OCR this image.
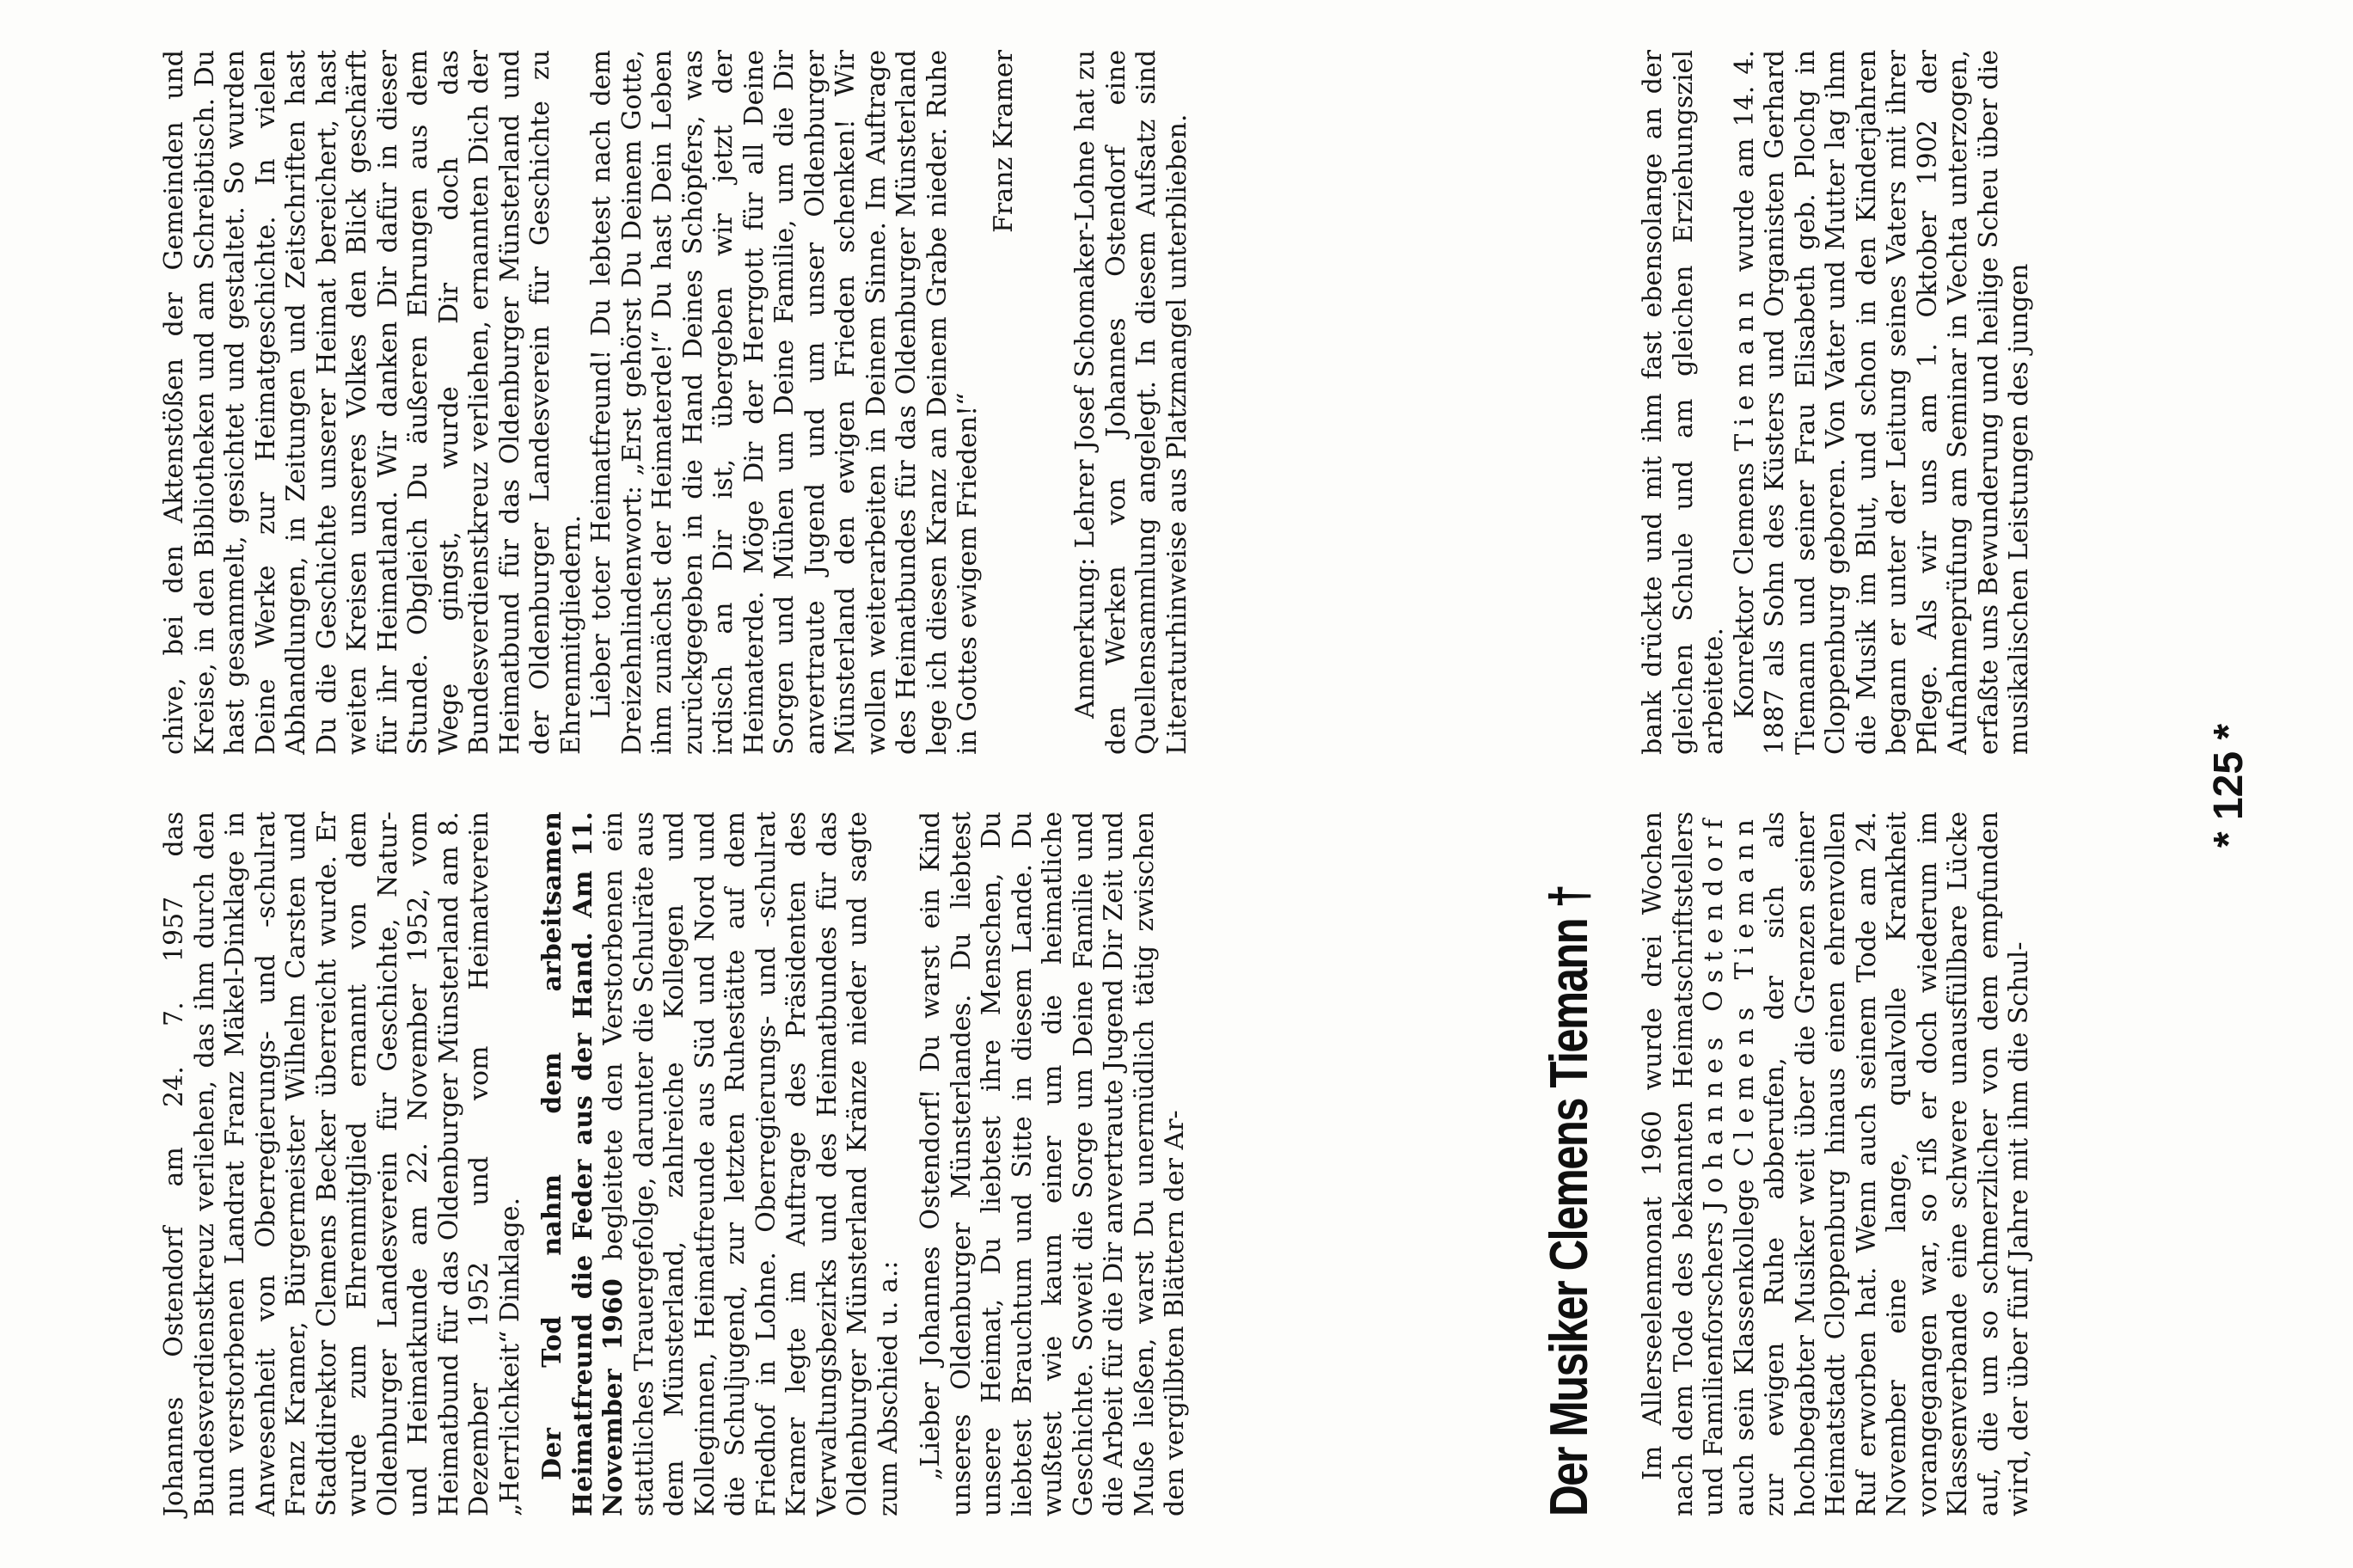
Johannes Ostendorf am 24. 7. 1957 das Bundesverdienstkreuz verliehen, das ihm durch den nun verstorbenen Landrat Franz Mäkel-Dinklage in Anwesenheit von Oberregierungs- und -schulrat Franz Kramer, Bürgermeister Wilhelm Carsten und Stadtdirektor Clemens Becker überreicht wurde. Er wurde zum Ehrenmitglied ernannt von dem Oldenburger Landesverein für Geschichte, Natur- und Heimatkunde am 22. November 1952, vom Heimatbund für das Oldenburger Münsterland am 8. Dezember 1952 und vom Heimatverein „Herrlichkeit“ Dinklage. Der Tod nahm dem arbeitsamen Heimatfreund die Feder aus der Hand. Am 11. November 1960 begleitete den Verstorbenen ein stattliches Trauergefolge, darunter die Schulräte aus dem Münsterland, zahlreiche Kollegen und Kolleginnen, Heimatfreunde aus Süd und Nord und die Schuljugend, zur letzten Ruhestätte auf dem Friedhof in Lohne. Oberregierungs- und -schulrat Kramer legte im Auftrage des Präsidenten des Verwaltungsbezirks und des Heimatbundes für das Oldenburger Münsterland Kränze nieder und sagte zum Abschied u. a.: „Lieber Johannes Ostendorf! Du warst ein Kind unseres Oldenburger Münsterlandes. Du liebtest unsere Heimat, Du liebtest ihre Menschen, Du liebtest Brauchtum und Sitte in diesem Lande. Du wußtest wie kaum einer um die heimatliche Geschichte. Soweit die Sorge um Deine Familie und die Arbeit für die Dir anvertraute Jugend Dir Zeit und Muße ließen, warst Du unermüdlich tätig zwischen den vergilbten Blättern der Ar-

chive, bei den Aktenstößen der Gemeinden und Kreise, in den Bibliotheken und am Schreibtisch. Du hast gesammelt, gesichtet und gestaltet. So wurden Deine Werke zur Heimatgeschichte. In vielen Abhandlungen, in Zeitungen und Zeitschriften hast Du die Geschichte unserer Heimat bereichert, hast weiten Kreisen unseres Volkes den Blick geschärft für ihr Heimatland. Wir danken Dir dafür in dieser Stunde. Obgleich Du äußeren Ehrungen aus dem Wege gingst, wurde Dir doch das Bundesverdienstkreuz verliehen, ernannten Dich der Heimatbund für das Oldenburger Münsterland und der Oldenburger Landesverein für Geschichte zu Ehrenmitgliedern. Lieber toter Heimatfreund! Du lebtest nach dem Dreizehnlindenwort: „Erst gehörst Du Deinem Gotte, ihm zunächst der Heimaterde!“ Du hast Dein Leben zurückgegeben in die Hand Deines Schöpfers, was irdisch an Dir ist, übergeben wir jetzt der Heimaterde. Möge Dir der Herrgott für all Deine Sorgen und Mühen um Deine Familie, um die Dir anvertraute Jugend und um unser Oldenburger Münsterland den ewigen Frieden schenken! Wir wollen weiterarbeiten in Deinem Sinne. Im Auftrage des Heimatbundes für das Oldenburger Münsterland lege ich diesen Kranz an Deinem Grabe nieder. Ruhe in Gottes ewigem Frieden!“

Franz Kramer Anmerkung: Lehrer Josef Schomaker-Lohne hat zu den Werken von Johannes Ostendorf eine Quellensammlung angelegt. In diesem Aufsatz sind Literaturhinweise aus Platzmangel unterblieben.

Der Musiker Clemens Tiemann † Im Allerseelenmonat 1960 wurde drei Wochen nach dem Tode des bekannten Heimatschriftstellers und Familienforschers Johannes Ostendorf auch sein Klassenkollege Clemens Tiemann zur ewigen Ruhe abberufen, der sich als hochbegabter Musiker weit über die Grenzen seiner Heimatstadt Cloppenburg hinaus einen ehrenvollen Ruf erworben hat. Wenn auch seinem Tode am 24. November eine lange, qualvolle Krankheit vorangegangen war, so riß er doch wiederum im Klassenverbande eine schwere unausfüllbare Lücke auf, die um so schmerzlicher von dem empfunden wird, der über fünf Jahre mit ihm die Schul-

bank drückte und mit ihm fast ebensolange an der gleichen Schule und am gleichen Erziehungsziel arbeitete. Konrektor Clemens Tiemann wurde am 14. 4. 1887 als Sohn des Küsters und Organisten Gerhard Tiemann und seiner Frau Elisabeth geb. Plochg in Cloppenburg geboren. Von Vater und Mutter lag ihm die Musik im Blut, und schon in den Kinderjahren begann er unter der Leitung seines Vaters mit ihrer Pflege. Als wir uns am 1. Oktober 1902 der Aufnahmeprüfung am Seminar in Vechta unterzogen, erfaßte uns Bewunderung und heilige Scheu über die musikalischen Leistungen des jungen

* 125 *
